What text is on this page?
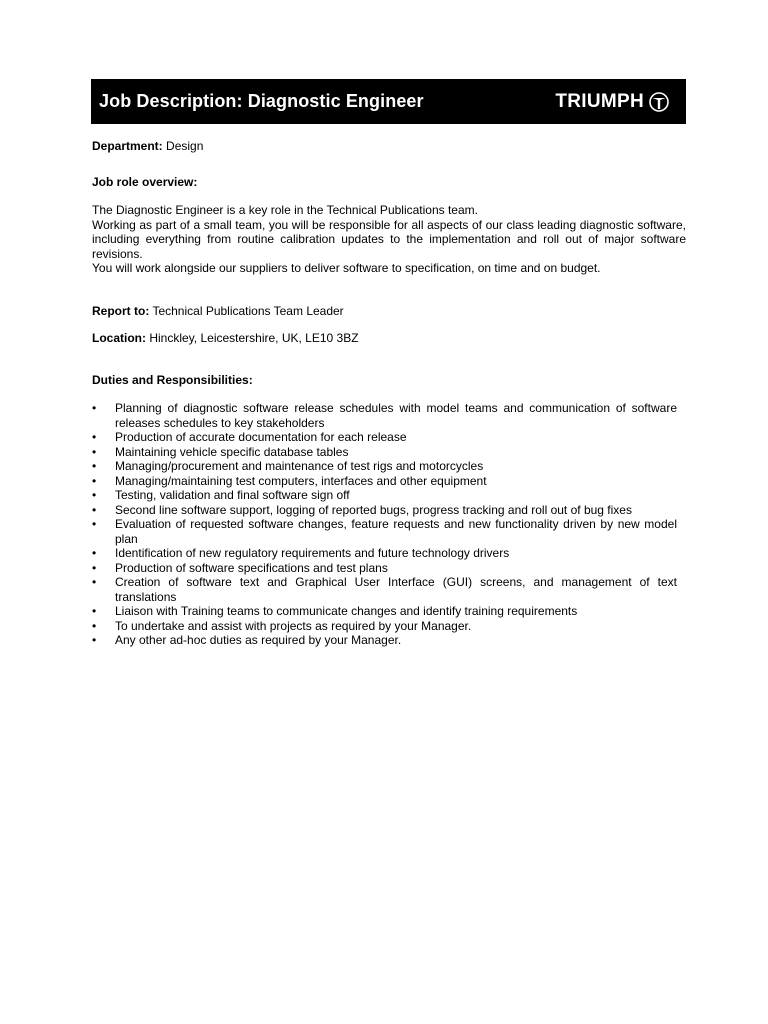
Job Description: Diagnostic Engineer	TRIUMPH
Department: Design
Job role overview:

The Diagnostic Engineer is a key role in the Technical Publications team.

Working as part of a small team, you will be responsible for all aspects of our class leading diagnostic software, including everything from routine calibration updates to the implementation and roll out of major software revisions.

You will work alongside our suppliers to deliver software to specification, on time and on budget.

Report to: Technical Publications Team Leader
Location: Hinckley, Leicestershire, UK, LE10 3BZ
Duties and Responsibilities:
• Planning of diagnostic software release schedules with model teams and communication of software releases schedules to key stakeholders
• Production of accurate documentation for each release
• Maintaining vehicle specific database tables
• Managing/procurement and maintenance of test rigs and motorcycles
• Managing/maintaining test computers, interfaces and other equipment
• Testing, validation and final software sign off
• Second line software support, logging of reported bugs, progress tracking and roll out of bug fixes
• Evaluation of requested software changes, feature requests and new functionality driven by new model plan
• Identification of new regulatory requirements and future technology drivers
• Production of software specifications and test plans
• Creation of software text and Graphical User Interface (GUI) screens, and management of text translations
• Liaison with Training teams to communicate changes and identify training requirements
• To undertake and assist with projects as required by your Manager.
• Any other ad-hoc duties as required by your Manager.
